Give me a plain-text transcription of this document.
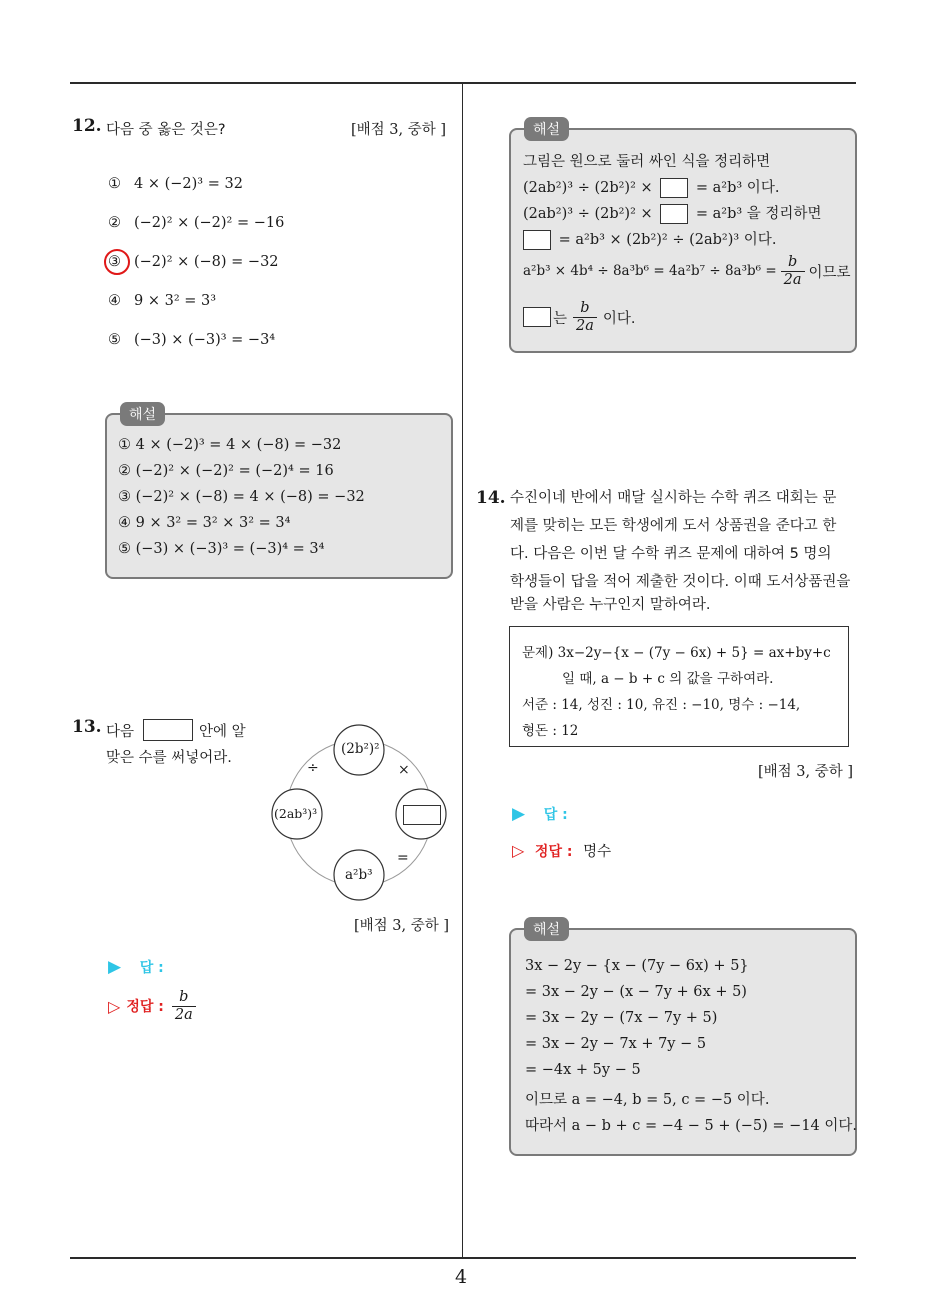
4
12. 다음 중 옳은 것은?	[배점 3, 중하 ]
① 4 × (−2)³ = 32
② (−2)² × (−2)² = −16
③ (−2)² × (−8) = −32
④ 9 × 3² = 3³
⑤ (−3) × (−3)³ = −3⁴
① 4 × (−2)³ = 4 × (−8) = −32
② (−2)² × (−2)² = (−2)⁴ = 16
③ (−2)² × (−8) = 4 × (−8) = −32
④ 9 × 3² = 3² × 3² = 3⁴
⑤ (−3) × (−3)³ = (−3)⁴ = 3⁴
해설
13. 다음	안에 알
맞은 수를 써넣어라.
(2b²)²
(2ab³)³
a²b³
÷	×
=
[배점 3, 중하 ]
▶ 답 :
▷ 정답 : $\frac{b}{2a}$
그림은 원으로 둘러 싸인 식을 정리하면
(2ab²)³ ÷ (2b²)² ×	= a²b³ 이다.
(2ab²)³ ÷ (2b²)² ×	= a²b³ 을 정리하면
= a²b³ × (2b²)² ÷ (2ab²)³ 이다.
$a^2b^3 \times 4b^4 \div 8a^3b^6 = 4a^2b^7 \div 8a^3b^6 = \frac{b}{2a}$ 이므로
는 $\frac{b}{2a}$ 이다.
해설
14. 수진이네 반에서 매달 실시하는 수학 퀴즈 대회는 문
제를 맞히는 모든 학생에게 도서 상품권을 준다고 한
다. 다음은 이번 달 수학 퀴즈 문제에 대하여 5 명의
학생들이 답을 적어 제출한 것이다. 이때 도서상품권을
받을 사람은 누구인지 말하여라.
문제) 3x−2y−{x − (7y − 6x) + 5} = ax+by+c
일 때, a − b + c 의 값을 구하여라.
서준 : 14, 성진 : 10, 유진 : −10, 명수 : −14,
형돈 : 12
[배점 3, 중하 ]
▶ 답 :
▷ 정답 : 명수
3x − 2y − {x − (7y − 6x) + 5}
= 3x − 2y − (x − 7y + 6x + 5)
= 3x − 2y − (7x − 7y + 5)
= 3x − 2y − 7x + 7y − 5
= −4x + 5y − 5
이므로 a = −4, b = 5, c = −5 이다.
따라서 a − b + c = −4 − 5 + (−5) = −14 이다.
해설
